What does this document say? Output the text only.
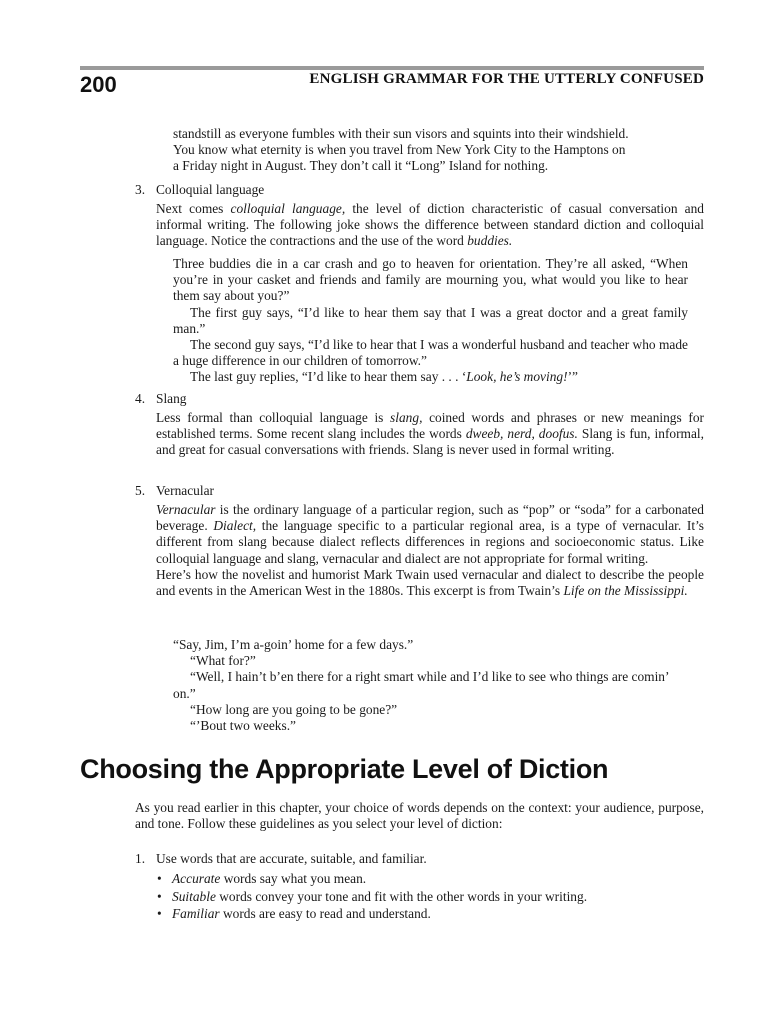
200	ENGLISH GRAMMAR FOR THE UTTERLY CONFUSED

standstill as everyone fumbles with their sun visors and squints into their windshield.

You know what eternity is when you travel from New York City to the Hamptons on

a Friday night in August. They don’t call it “Long” Island for nothing.

3. Colloquial language

Next comes colloquial language, the level of diction characteristic of casual conversation and informal writing. The following joke shows the difference between standard diction and colloquial language. Notice the contractions and the use of the word buddies.

Three buddies die in a car crash and go to heaven for orientation. They’re all asked, “When you’re in your casket and friends and family are mourning you, what would you like to hear them say about you?”

The first guy says, “I’d like to hear them say that I was a great doctor and a great family man.”

The second guy says, “I’d like to hear that I was a wonderful husband and teacher who made a huge difference in our children of tomorrow.”

The last guy replies, “I’d like to hear them say . . . ‘Look, he’s moving!’”

4. Slang

Less formal than colloquial language is slang, coined words and phrases or new meanings for established terms. Some recent slang includes the words dweeb, nerd, doofus. Slang is fun, informal, and great for casual conversations with friends. Slang is never used in formal writing.

5. Vernacular

Vernacular is the ordinary language of a particular region, such as “pop” or “soda” for a carbonated beverage. Dialect, the language specific to a particular regional area, is a type of vernacular. It’s different from slang because dialect reflects differences in regions and socioeconomic status. Like colloquial language and slang, vernacular and dialect are not appropriate for formal writing.

Here’s how the novelist and humorist Mark Twain used vernacular and dialect to describe the people and events in the American West in the 1880s. This excerpt is from Twain’s Life on the Mississippi.

“Say, Jim, I’m a-goin’ home for a few days.”

“What for?”

“Well, I hain’t b’en there for a right smart while and I’d like to see who things are comin’ on.”

“How long are you going to be gone?”

“’Bout two weeks.”

Choosing the Appropriate Level of Diction
As you read earlier in this chapter, your choice of words depends on the context: your audience, purpose, and tone. Follow these guidelines as you select your level of diction:
1. Use words that are accurate, suitable, and familiar.
• Accurate words say what you mean.
• Suitable words convey your tone and fit with the other words in your writing.
• Familiar words are easy to read and understand.
